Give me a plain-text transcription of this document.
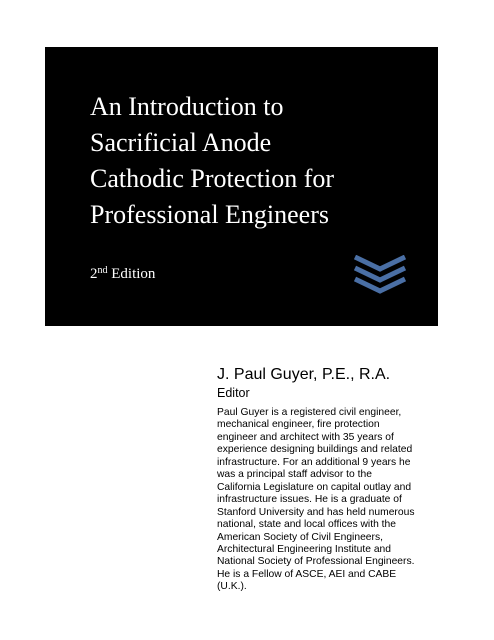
An Introduction to
Sacrificial Anode
Cathodic Protection for
Professional Engineers
2nd Edition
J. Paul Guyer, P.E., R.A.
Editor
Paul Guyer is a registered civil engineer,
mechanical engineer, fire protection
engineer and architect with 35 years of
experience designing buildings and related
infrastructure. For an additional 9 years he
was a principal staff advisor to the
California Legislature on capital outlay and
infrastructure issues. He is a graduate of
Stanford University and has held numerous
national, state and local offices with the
American Society of Civil Engineers,
Architectural Engineering Institute and
National Society of Professional Engineers.
He is a Fellow of ASCE, AEI and CABE
(U.K.).
